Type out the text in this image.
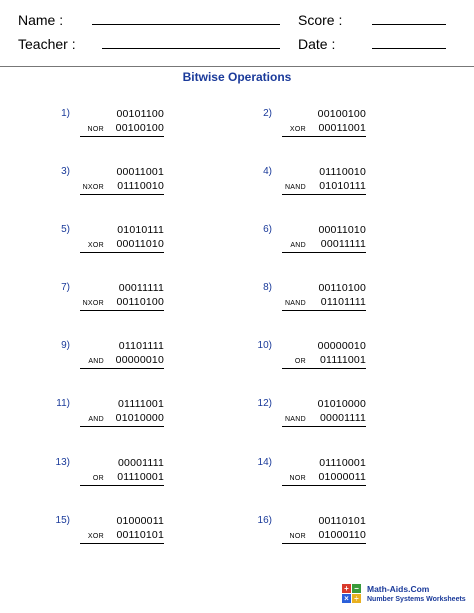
Name :
Teacher :
Score :
Date :
Bitwise Operations
1)	00101100
NOR	00100100
2)	00100100
XOR	00011001
3)	00011001
NXOR	01110010
4)	01110010
NAND	01010111
5)	01010111
XOR	00011010
6)	00011010
AND	00011111
7)	00011111
NXOR	00110100
8)	00110100
NAND	01101111
9)	01101111
AND	00000010
10)	00000010
OR	01111001
11)	01111001
AND	01010000
12)	01010000
NAND	00001111
13)	00001111
OR	01110001
14)	01110001
NOR	01000011
15)	01000011
XOR	00110101
16)	00110101
NOR	01000110
+ −
× ÷
Math-Aids.Com
Number Systems Worksheets
